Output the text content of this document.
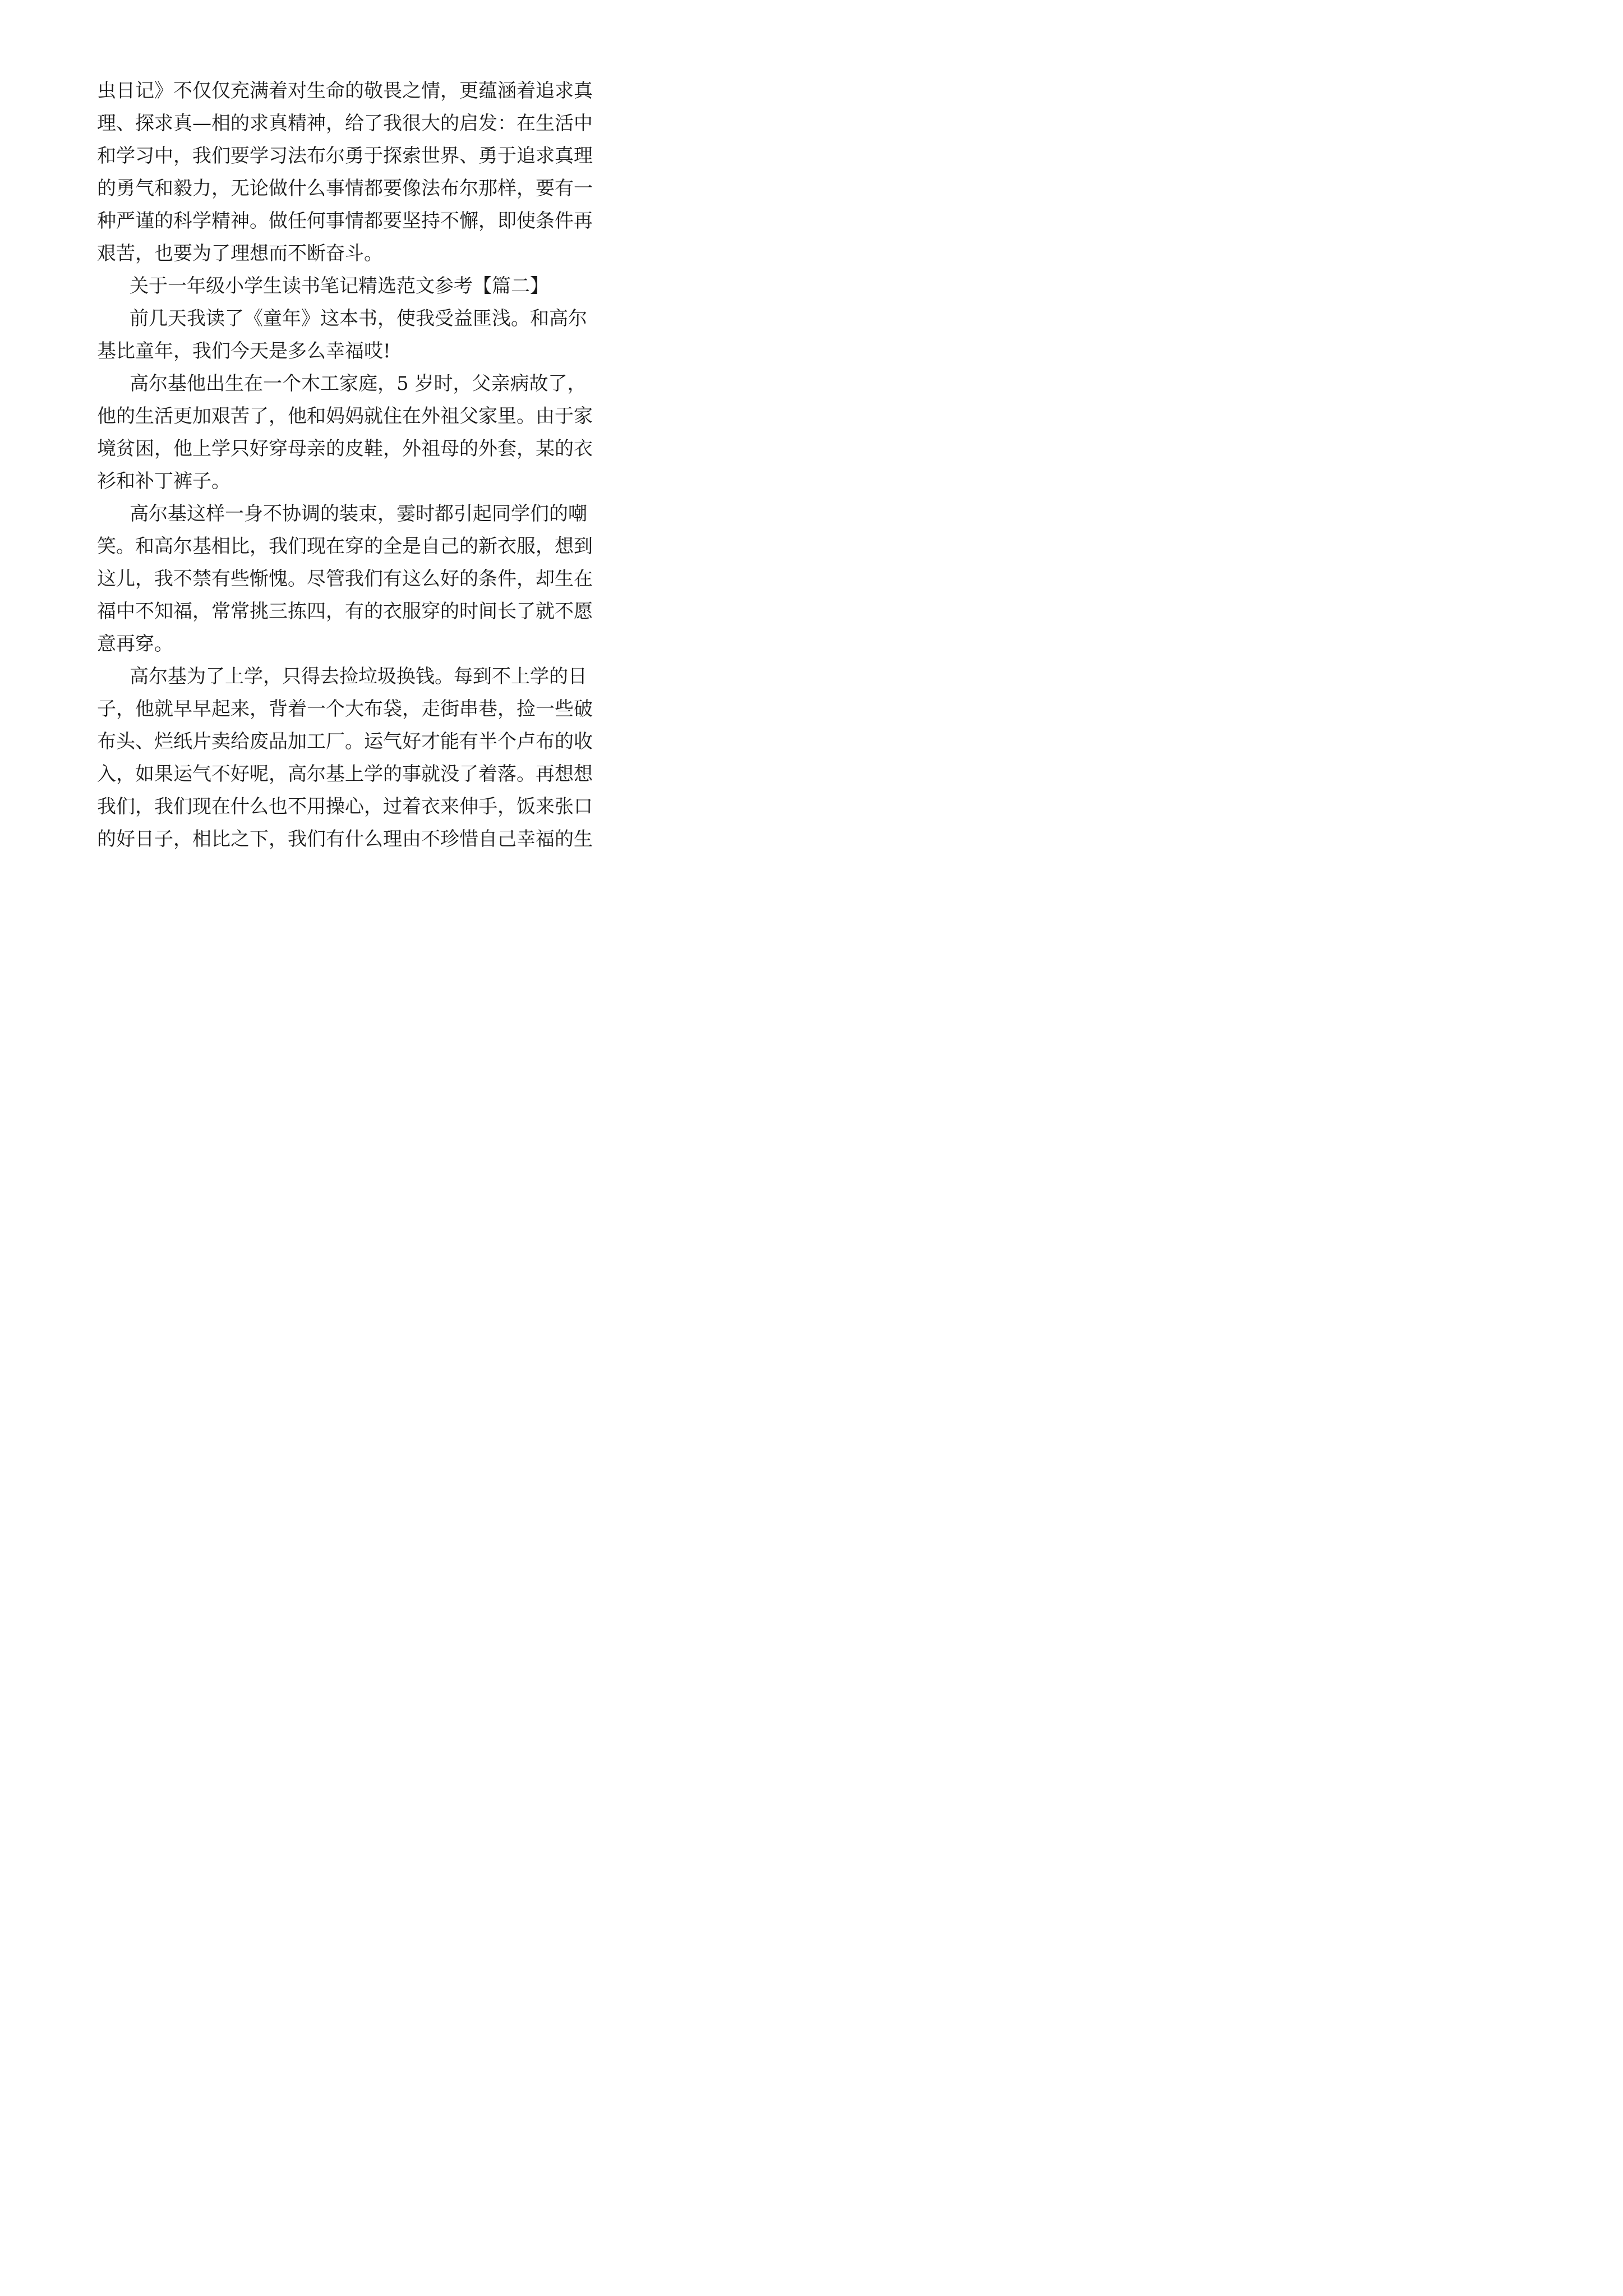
虫日记》不仅仅充满着对生命的敬畏之情，更蕴涵着追求真
理、探求真—相的求真精神，给了我很大的启发：在生活中
和学习中，我们要学习法布尔勇于探索世界、勇于追求真理
的勇气和毅力，无论做什么事情都要像法布尔那样，要有一
种严谨的科学精神。做任何事情都要坚持不懈，即使条件再
艰苦，也要为了理想而不断奋斗。
关于一年级小学生读书笔记精选范文参考【篇二】
前几天我读了《童年》这本书，使我受益匪浅。和高尔
基比童年，我们今天是多么幸福哎!
高尔基他出生在一个木工家庭，5 岁时，父亲病故了，
他的生活更加艰苦了，他和妈妈就住在外祖父家里。由于家
境贫困，他上学只好穿母亲的皮鞋，外祖母的外套，某的衣
衫和补丁裤子。
高尔基这样一身不协调的装束，霎时都引起同学们的嘲
笑。和高尔基相比，我们现在穿的全是自己的新衣服，想到
这儿，我不禁有些惭愧。尽管我们有这么好的条件，却生在
福中不知福，常常挑三拣四，有的衣服穿的时间长了就不愿
意再穿。
高尔基为了上学，只得去捡垃圾换钱。每到不上学的日
子，他就早早起来，背着一个大布袋，走街串巷，捡一些破
布头、烂纸片卖给废品加工厂。运气好才能有半个卢布的收
入，如果运气不好呢，高尔基上学的事就没了着落。再想想
我们，我们现在什么也不用操心，过着衣来伸手，饭来张口
的好日子，相比之下，我们有什么理由不珍惜自己幸福的生
